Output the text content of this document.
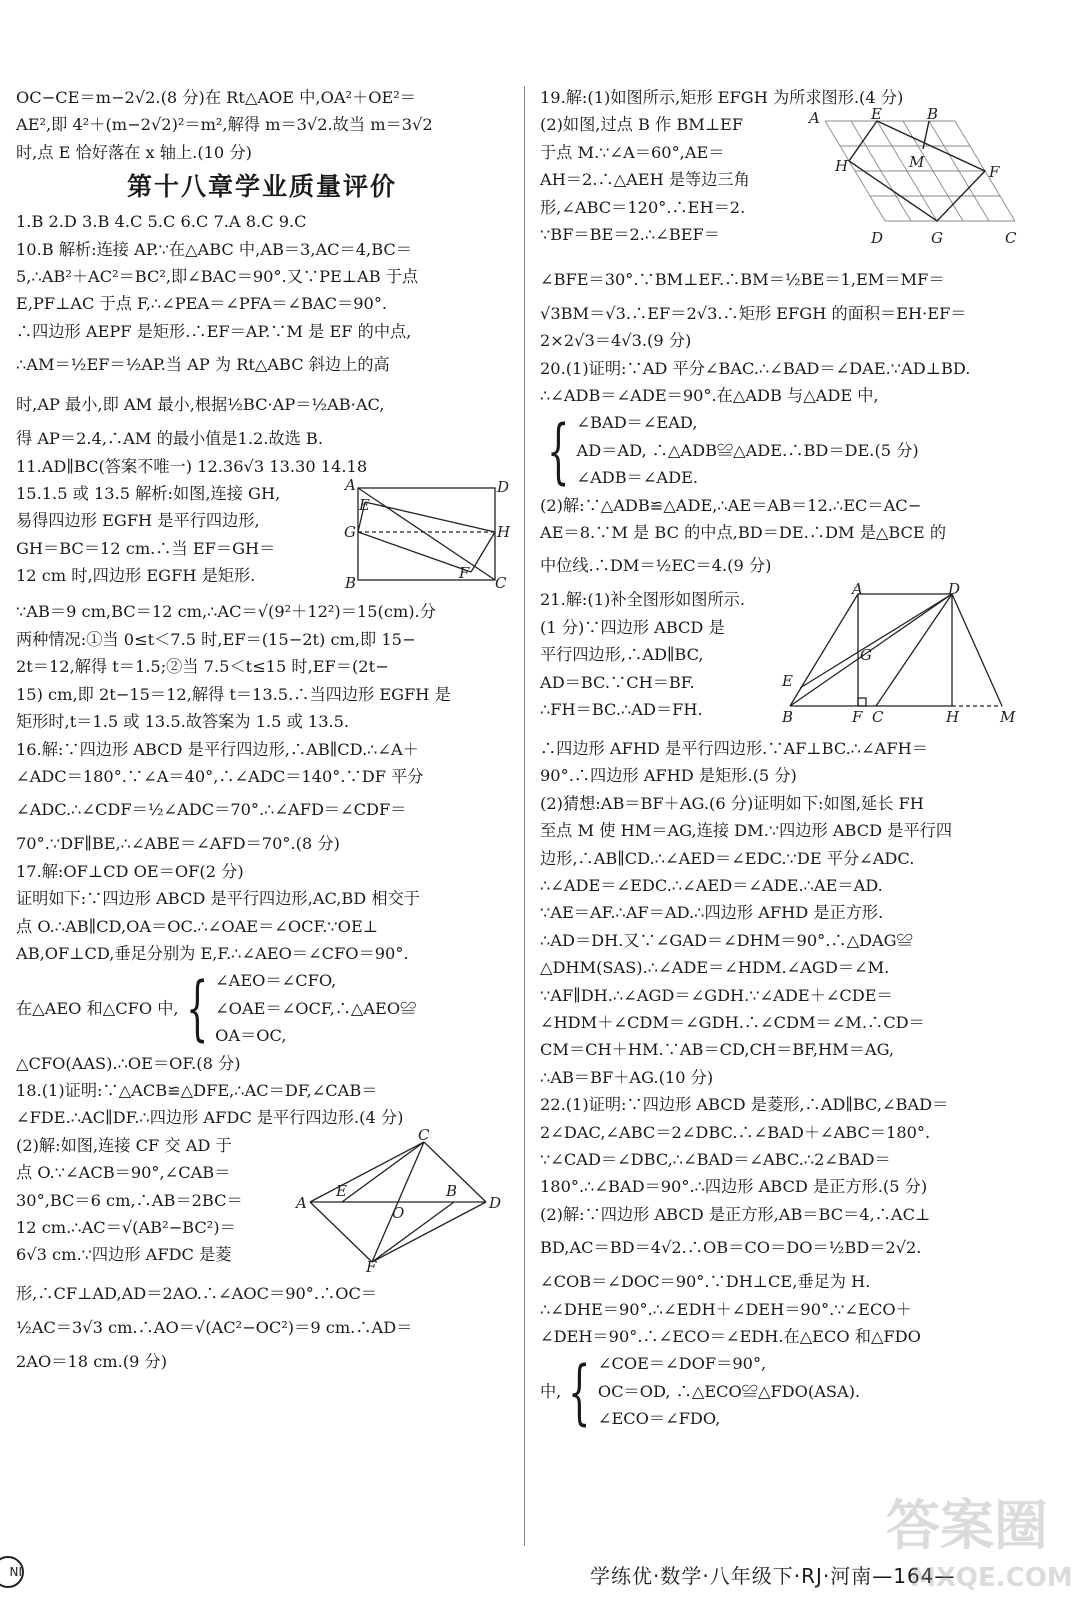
OC−CE＝m−2√2.(8 分)在 Rt△AOE 中,OA²＋OE²＝
AE²,即 4²＋(m−2√2)²＝m²,解得 m＝3√2.故当 m＝3√2
时,点 E 恰好落在 x 轴上.(10 分)
第十八章学业质量评价
1.B 2.D 3.B 4.C 5.C 6.C 7.A 8.C 9.C
10.B 解析:连接 AP.∵在△ABC 中,AB＝3,AC＝4,BC＝
5,∴AB²＋AC²＝BC²,即∠BAC＝90°.又∵PE⊥AB 于点
E,PF⊥AC 于点 F,∴∠PEA＝∠PFA＝∠BAC＝90°.
∴四边形 AEPF 是矩形.∴EF＝AP.∵M 是 EF 的中点,
∴AM＝½EF＝½AP.当 AP 为 Rt△ABC 斜边上的高
时,AP 最小,即 AM 最小,根据½BC·AP＝½AB·AC,
得 AP＝2.4,∴AM 的最小值是1.2.故选 B.
11.AD∥BC(答案不唯一) 12.36√3 13.30 14.18
15.1.5 或 13.5 解析:如图,连接 GH,
易得四边形 EGFH 是平行四边形,
GH＝BC＝12 cm.∴当 EF＝GH＝
12 cm 时,四边形 EGFH 是矩形.
A	D
E
G	H
B
F
C
∵AB＝9 cm,BC＝12 cm,∴AC＝√(9²＋12²)＝15(cm).分
两种情况:①当 0≤t＜7.5 时,EF＝(15−2t) cm,即 15−
2t＝12,解得 t＝1.5;②当 7.5＜t≤15 时,EF＝(2t−
15) cm,即 2t−15＝12,解得 t＝13.5.∴当四边形 EGFH 是
矩形时,t＝1.5 或 13.5.故答案为 1.5 或 13.5.
16.解:∵四边形 ABCD 是平行四边形,∴AB∥CD.∴∠A＋
∠ADC＝180°.∵∠A＝40°,∴∠ADC＝140°.∵DF 平分
∠ADC.∴∠CDF＝½∠ADC＝70°.∴∠AFD＝∠CDF＝
70°.∵DF∥BE,∴∠ABE＝∠AFD＝70°.(8 分)
17.解:OF⊥CD OE＝OF(2 分)
证明如下:∵四边形 ABCD 是平行四边形,AC,BD 相交于
点 O.∴AB∥CD,OA＝OC.∴∠OAE＝∠OCF.∵OE⊥
AB,OF⊥CD,垂足分别为 E,F.∴∠AEO＝∠CFO＝90°.
在△AEO 和△CFO 中, { ∠AEO＝∠CFO,
∠OAE＝∠OCF,∴△AEO≌
OA＝OC,
△CFO(AAS).∴OE＝OF.(8 分)
18.(1)证明:∵△ACB≌△DFE,∴AC＝DF,∠CAB＝
∠FDE.∴AC∥DF.∴四边形 AFDC 是平行四边形.(4 分)
(2)解:如图,连接 CF 交 AD 于
点 O.∵∠ACB＝90°,∠CAB＝
30°,BC＝6 cm,∴AB＝2BC＝
12 cm.∴AC＝√(AB²−BC²)＝
6√3 cm.∵四边形 AFDC 是菱
C
E
A
O
B
D
F
形,∴CF⊥AD,AD＝2AO.∴∠AOC＝90°.∴OC＝
½AC＝3√3 cm.∴AO＝√(AC²−OC²)＝9 cm.∴AD＝
2AO＝18 cm.(9 分)
19.解:(1)如图所示,矩形 EFGH 为所求图形.(4 分)
(2)如图,过点 B 作 BM⊥EF
于点 M.∵∠A＝60°,AE＝
AH＝2.∴△AEH 是等边三角
形,∠ABC＝120°.∴EH＝2.
∵BF＝BE＝2.∴∠BEF＝
A	E	B
M
H	F
D	G	C
∠BFE＝30°.∵BM⊥EF.∴BM＝½BE＝1,EM＝MF＝
√3BM＝√3.∴EF＝2√3.∴矩形 EFGH 的面积＝EH·EF＝
2×2√3＝4√3.(9 分)
20.(1)证明:∵AD 平分∠BAC.∴∠BAD＝∠DAE.∵AD⊥BD.
∴∠ADB＝∠ADE＝90°.在△ADB 与△ADE 中,
{ ∠BAD＝∠EAD,
AD＝AD, ∴△ADB≌△ADE.∴BD＝DE.(5 分)
∠ADB＝∠ADE.
(2)解:∵△ADB≌△ADE,∴AE＝AB＝12.∴EC＝AC−
AE＝8.∵M 是 BC 的中点,BD＝DE.∴DM 是△BCE 的
中位线.∴DM＝½EC＝4.(9 分)
21.解:(1)补全图形如图所示.
(1 分)∵四边形 ABCD 是
平行四边形,∴AD∥BC,
AD＝BC.∵CH＝BF.
∴FH＝BC.∴AD＝FH.
A	D
G
E
B	F C	H	M
∴四边形 AFHD 是平行四边形.∵AF⊥BC.∴∠AFH＝
90°.∴四边形 AFHD 是矩形.(5 分)
(2)猜想:AB＝BF＋AG.(6 分)证明如下:如图,延长 FH
至点 M 使 HM＝AG,连接 DM.∵四边形 ABCD 是平行四
边形,∴AB∥CD.∴∠AED＝∠EDC.∵DE 平分∠ADC.
∴∠ADE＝∠EDC.∴∠AED＝∠ADE.∴AE＝AD.
∵AE＝AF.∴AF＝AD.∴四边形 AFHD 是正方形.
∴AD＝DH.又∵∠GAD＝∠DHM＝90°.∴△DAG≌
△DHM(SAS).∴∠ADE＝∠HDM.∠AGD＝∠M.
∵AF∥DH.∴∠AGD＝∠GDH.∵∠ADE＋∠CDE＝
∠HDM＋∠CDM＝∠GDH.∴∠CDM＝∠M.∴CD＝
CM＝CH＋HM.∵AB＝CD,CH＝BF,HM＝AG,
∴AB＝BF＋AG.(10 分)
22.(1)证明:∵四边形 ABCD 是菱形,∴AD∥BC,∠BAD＝
2∠DAC,∠ABC＝2∠DBC.∴∠BAD＋∠ABC＝180°.
∵∠CAD＝∠DBC,∴∠BAD＝∠ABC.∴2∠BAD＝
180°.∴∠BAD＝90°.∴四边形 ABCD 是正方形.(5 分)
(2)解:∵四边形 ABCD 是正方形,AB＝BC＝4,∴AC⊥
BD,AC＝BD＝4√2.∴OB＝CO＝DO＝½BD＝2√2.
∠COB＝∠DOC＝90°.∵DH⊥CE,垂足为 H.
∴∠DHE＝90°.∴∠EDH＋∠DEH＝90°.∵∠ECO＋
∠DEH＝90°.∴∠ECO＝∠EDH.在△ECO 和△FDO
中, { ∠COE＝∠DOF＝90°,
OC＝OD, ∴△ECO≌△FDO(ASA).
∠ECO＝∠FDO,
NI	学练优·数学·八年级下·RJ·河南—164—
答案圈
MXQE.COM
